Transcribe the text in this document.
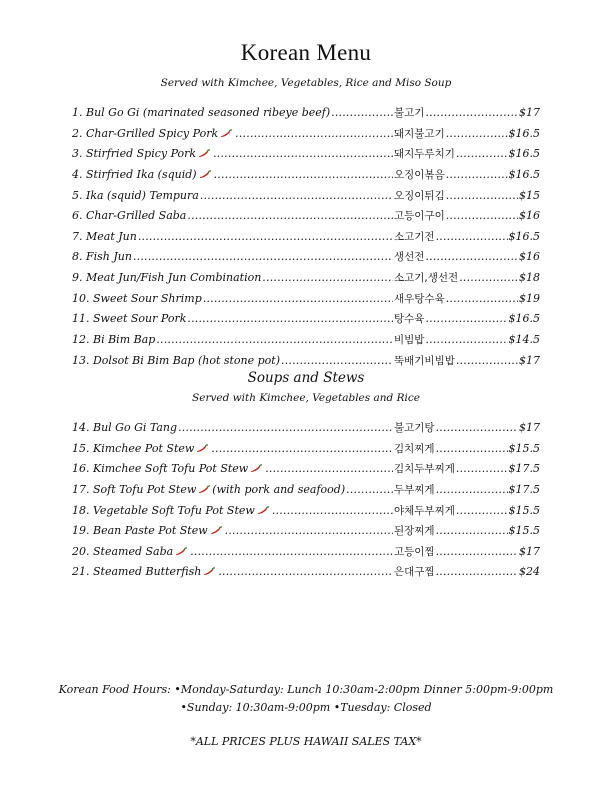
Korean Menu
Served with Kimchee, Vegetables, Rice and Miso Soup
1. Bul Go Gi (marinated seasoned ribeye beef) .....	불고기 .....	$17
2. Char-Grilled Spicy Pork .....	돼지불고기 .....	$16.5
3. Stirfried Spicy Pork .....	돼지두루치기 .....	$16.5
4. Stirfried Ika (squid) .....	오징이볶음 .....	$16.5
5. Ika (squid) Tempura .....	오징이튀김 .....	$15
6. Char-Grilled Saba .....	고등이구이 .....	$16
7. Meat Jun .....	소고기전 .....	$16.5
8. Fish Jun .....	생선전 .....	$16
9. Meat Jun/Fish Jun Combination .....	소고기,생선전 .....	$18
10. Sweet Sour Shrimp .....	새우탕수육 .....	$19
11. Sweet Sour Pork .....	탕수육 .....	$16.5
12. Bi Bim Bap .....	비빔밥 .....	$14.5
13. Dolsot Bi Bim Bap (hot stone pot) .....	뚝배기비빔밥 .....	$17
Soups and Stews
Served with Kimchee, Vegetables and Rice
14. Bul Go Gi Tang .....	불고기탕 .....	$17
15. Kimchee Pot Stew .....	김치찌게 .....	$15.5
16. Kimchee Soft Tofu Pot Stew .....	김치두부찌게 .....	$17.5
17. Soft Tofu Pot Stew (with pork and seafood) .....	두부찌게 .....	$17.5
18. Vegetable Soft Tofu Pot Stew .....	야체두부찌게 .....	$15.5
19. Bean Paste Pot Stew .....	된장찌게 .....	$15.5
20. Steamed Saba .....	고등이찜 .....	$17
21. Steamed Butterfish .....	은대구찜 .....	$24
Korean Food Hours: •Monday-Saturday: Lunch 10:30am-2:00pm Dinner 5:00pm-9:00pm
•Sunday: 10:30am-9:00pm •Tuesday: Closed
*ALL PRICES PLUS HAWAII SALES TAX*
